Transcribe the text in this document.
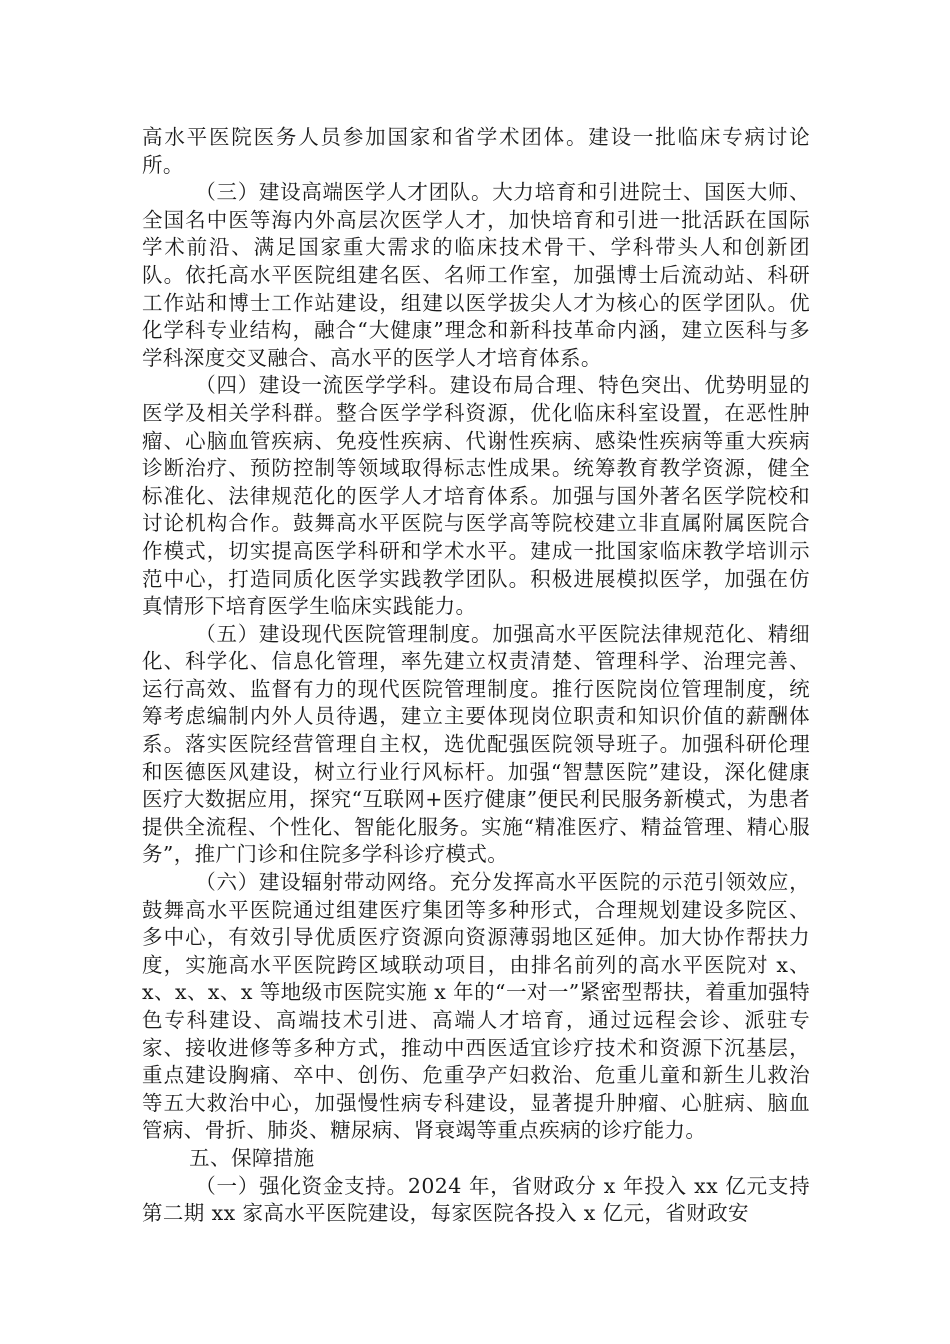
高水平医院医务人员参加国家和省学术团体。建设一批临床专病讨论所。

（三）建设高端医学人才团队。大力培育和引进院士、国医大师、全国名中医等海内外高层次医学人才，加快培育和引进一批活跃在国际学术前沿、满足国家重大需求的临床技术骨干、学科带头人和创新团队。依托高水平医院组建名医、名师工作室，加强博士后流动站、科研工作站和博士工作站建设，组建以医学拔尖人才为核心的医学团队。优化学科专业结构，融合“大健康”理念和新科技革命内涵，建立医科与多学科深度交叉融合、高水平的医学人才培育体系。

（四）建设一流医学学科。建设布局合理、特色突出、优势明显的医学及相关学科群。整合医学学科资源，优化临床科室设置，在恶性肿瘤、心脑血管疾病、免疫性疾病、代谢性疾病、感染性疾病等重大疾病诊断治疗、预防控制等领域取得标志性成果。统筹教育教学资源，健全标准化、法律规范化的医学人才培育体系。加强与国外著名医学院校和讨论机构合作。鼓舞高水平医院与医学高等院校建立非直属附属医院合作模式，切实提高医学科研和学术水平。建成一批国家临床教学培训示范中心，打造同质化医学实践教学团队。积极进展模拟医学，加强在仿真情形下培育医学生临床实践能力。

（五）建设现代医院管理制度。加强高水平医院法律规范化、精细化、科学化、信息化管理，率先建立权责清楚、管理科学、治理完善、运行高效、监督有力的现代医院管理制度。推行医院岗位管理制度，统筹考虑编制内外人员待遇，建立主要体现岗位职责和知识价值的薪酬体系。落实医院经营管理自主权，选优配强医院领导班子。加强科研伦理和医德医风建设，树立行业行风标杆。加强“智慧医院”建设，深化健康医疗大数据应用，探究“互联网+医疗健康”便民利民服务新模式，为患者提供全流程、个性化、智能化服务。实施“精准医疗、精益管理、精心服务”，推广门诊和住院多学科诊疗模式。

（六）建设辐射带动网络。充分发挥高水平医院的示范引领效应，鼓舞高水平医院通过组建医疗集团等多种形式，合理规划建设多院区、多中心，有效引导优质医疗资源向资源薄弱地区延伸。加大协作帮扶力度，实施高水平医院跨区域联动项目，由排名前列的高水平医院对 x、x、x、x、x 等地级市医院实施 x 年的“一对一”紧密型帮扶，着重加强特色专科建设、高端技术引进、高端人才培育，通过远程会诊、派驻专家、接收进修等多种方式，推动中西医适宜诊疗技术和资源下沉基层，重点建设胸痛、卒中、创伤、危重孕产妇救治、危重儿童和新生儿救治等五大救治中心，加强慢性病专科建设，显著提升肿瘤、心脏病、脑血管病、骨折、肺炎、糖尿病、肾衰竭等重点疾病的诊疗能力。

五、保障措施

（一）强化资金支持。2024 年，省财政分 x 年投入 xx 亿元支持第二期 xx 家高水平医院建设，每家医院各投入 x 亿元，省财政安
